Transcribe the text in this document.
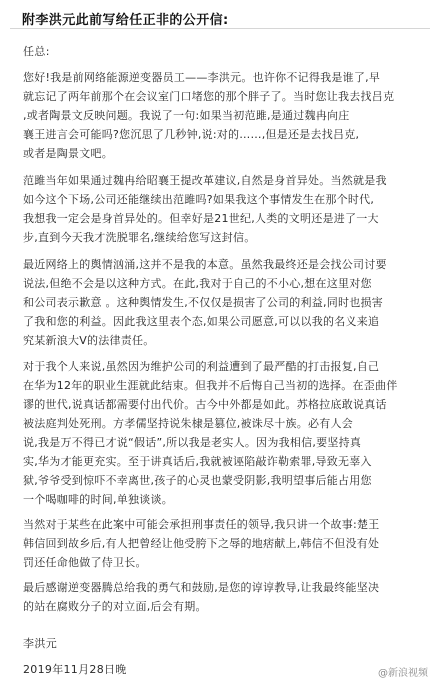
附李洪元此前写给任正非的公开信:
任总:
您好!我是前网络能源逆变器员工——李洪元。也许你不记得我是谁了,早
就忘记了两年前那个在会议室门口堵您的那个胖子了。当时您让我去找吕克
,或者陶景文反映问题。我说了一句:如果当初范雎,是通过魏冉向庄
襄王进言会可能吗?您沉思了几秒钟,说:对的……,但是还是去找吕克,
或者是陶景文吧。
范雎当年如果通过魏冉给昭襄王提改革建议,自然是身首异处。当然就是我
如今这个下场,公司还能继续出范雎吗?如果我这个事情发生在那个时代,
我想我一定会是身首异处的。但幸好是21世纪,人类的文明还是进了一大
步,直到今天我才洗脱罪名,继续给您写这封信。
最近网络上的舆情汹涌,这并不是我的本意。虽然我最终还是会找公司讨要
说法,但绝不会是以这种方式。在此,我对于自己的不小心,想在这里对您
和公司表示歉意 。这种舆情发生,不仅仅是损害了公司的利益,同时也损害
了我和您的利益。因此我这里表个态,如果公司愿意,可以以我的名义来追
究某新浪大V的法律责任。
对于我个人来说,虽然因为维护公司的利益遭到了最严酷的打击报复,自己
在华为12年的职业生涯就此结束。但我并不后悔自己当初的选择。在歪曲伴
谬的世代,说真话都需要付出代价。古今中外都是如此。苏格拉底敢说真话
被法庭判处死刑。方孝儒坚持说朱棣是篡位,被诛尽十族。必有人会
说,我是万不得已才说“假话”,所以我是老实人。因为我相信,要坚持真
实,华为才能更充实。至于讲真话后,我就被诬陷敲诈勒索罪,导致无辜入
狱,爷爷受到惊吓不幸离世,孩子的心灵也蒙受阴影,我明望事后能占用您
一个喝咖啡的时间,单独谈谈。
当然对于某些在此案中可能会承担刑事责任的领导,我只讲一个故事:楚王
韩信回到故乡后,有人把曾经让他受胯下之辱的地痞献上,韩信不但没有处
罚还任命他做了侍卫长。
最后感谢逆变器腾总给我的勇气和鼓励,是您的谆谆教导,让我最终能坚决
的站在腐败分子的对立面,后会有期。
李洪元
2019年11月28日晚	@新浪视频
